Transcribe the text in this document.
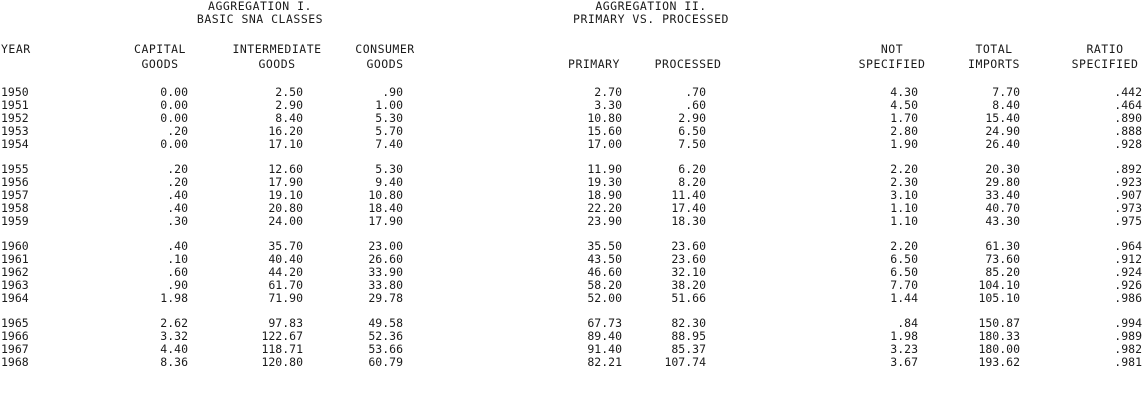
AGGREGATION I.
BASIC SNA CLASSES
AGGREGATION II.
PRIMARY VS. PROCESSED
YEAR	CAPITAL
GOODS
INTERMEDIATE
GOODS
CONSUMER
GOODS	PRIMARY	PROCESSED
NOT
SPECIFIED
TOTAL
IMPORTS
RATIO
SPECIFIED
1950	0.00	2.50	.90	2.70	.70	4.30	7.70	.442
1951	0.00	2.90	1.00	3.30	.60	4.50	8.40	.464
1952	0.00	8.40	5.30	10.80	2.90	1.70	15.40	.890
1953	.20	16.20	5.70	15.60	6.50	2.80	24.90	.888
1954	0.00	17.10	7.40	17.00	7.50	1.90	26.40	.928
1955	.20	12.60	5.30	11.90	6.20	2.20	20.30	.892
1956	.20	17.90	9.40	19.30	8.20	2.30	29.80	.923
1957	.40	19.10	10.80	18.90	11.40	3.10	33.40	.907
1958	.40	20.80	18.40	22.20	17.40	1.10	40.70	.973
1959	.30	24.00	17.90	23.90	18.30	1.10	43.30	.975
1960	.40	35.70	23.00	35.50	23.60	2.20	61.30	.964
1961	.10	40.40	26.60	43.50	23.60	6.50	73.60	.912
1962	.60	44.20	33.90	46.60	32.10	6.50	85.20	.924
1963	.90	61.70	33.80	58.20	38.20	7.70	104.10	.926
1964	1.98	71.90	29.78	52.00	51.66	1.44	105.10	.986
1965	2.62	97.83	49.58	67.73	82.30	.84	150.87	.994
1966	3.32	122.67	52.36	89.40	88.95	1.98	180.33	.989
1967	4.40	118.71	53.66	91.40	85.37	3.23	180.00	.982
1968	8.36	120.80	60.79	82.21	107.74	3.67	193.62	.981
